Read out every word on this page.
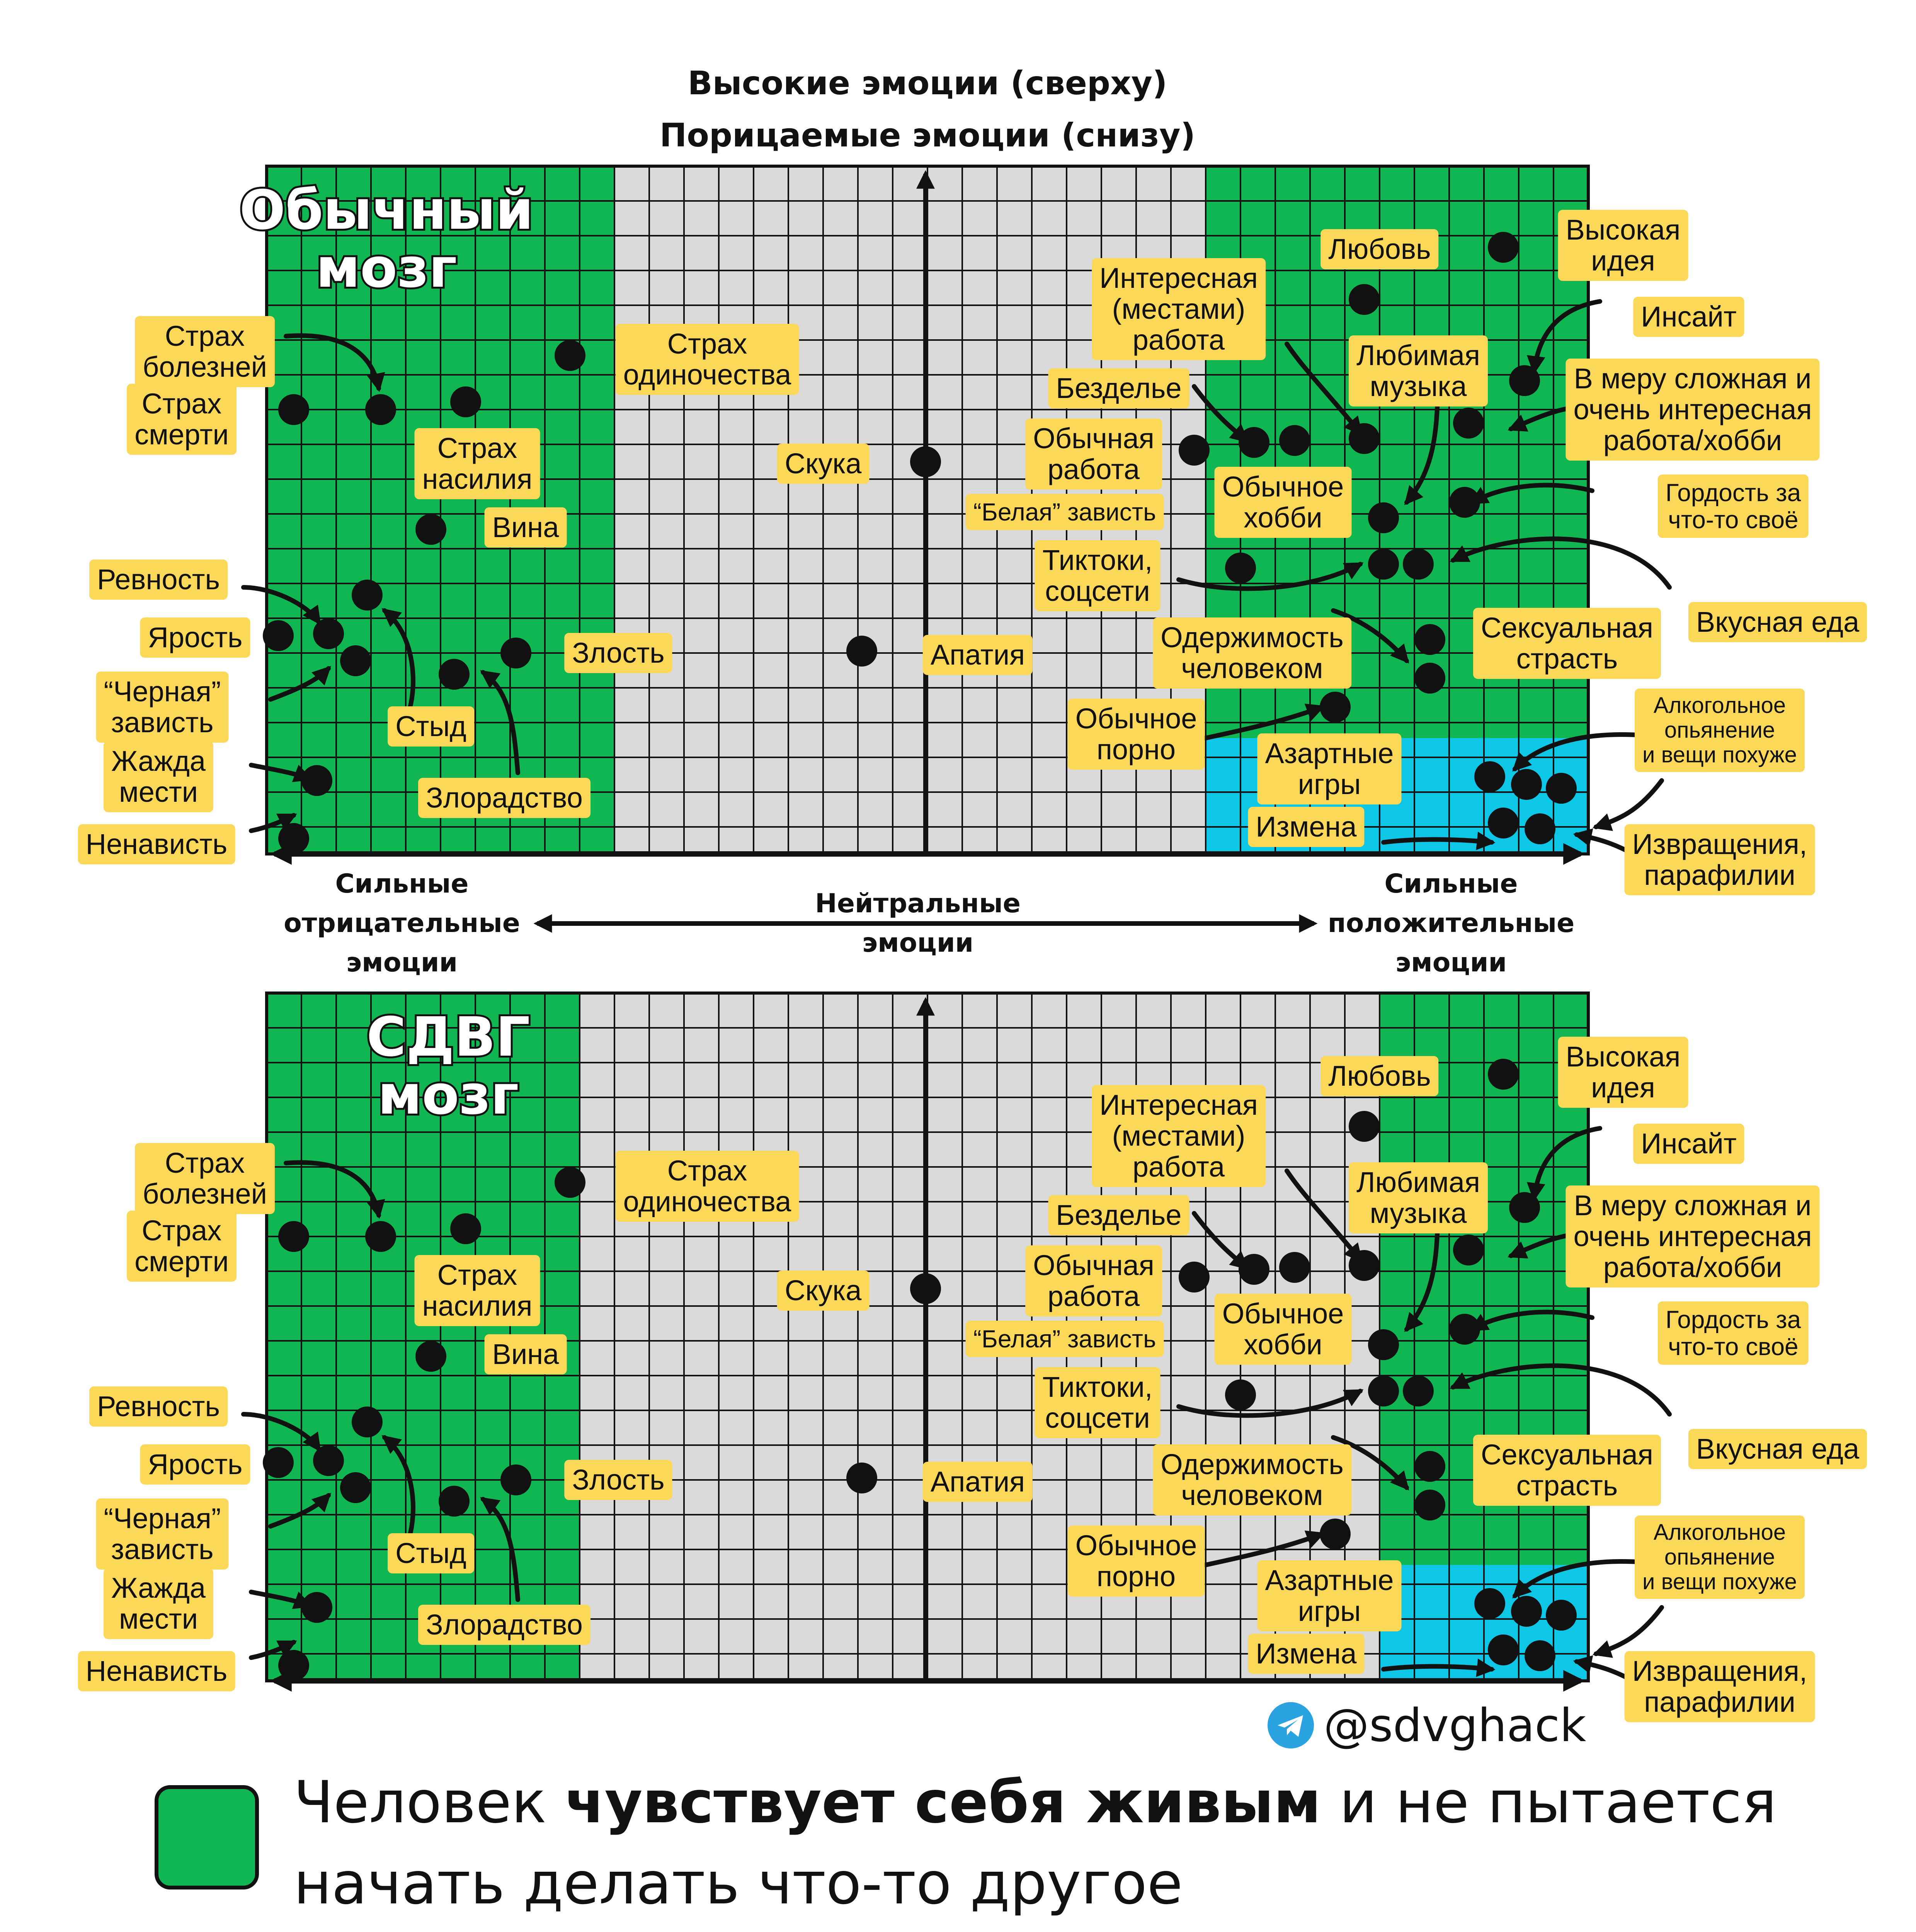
Высокие эмоции (сверху)
Порицаемые эмоции (снизу)
Обычный
мозг
СДВГ
мозг
Сильные
отрицательные
эмоции
Нейтральные
эмоции
Сильные
положительные
эмоции
Страх
болезней
Страх
смерти
Страх
одиночества
Страх
насилия
Вина
Ревность
Ярость
“Черная”
зависть
Жажда
мести
Ненависть
Злость
Стыд
Злорадство
Скука
Апатия
Любовь
Высокая
идея
Интересная
(местами)
работа
Инсайт
Любимая
музыка
Безделье	В меру сложная и
очень интересная
работа/хобби
Обычная
работа
Обычное
хобби
Гордость за
что-то своё
“Белая” зависть
Тиктоки,
соцсети
Вкусная еда
Одержимость
человеком
Сексуальная
страсть
Обычное
порно
Алкогольное
опьянение
и вещи похуже
Азартные
игры
Измена
Извращения,
парафилии
Страх
болезней
Страх
смерти
Страх
одиночества
Страх
насилия
Вина
Ревность
Ярость
“Черная”
зависть
Жажда
мести
Ненависть
Злость
Стыд
Злорадство
Скука
Апатия
Любовь
Высокая
идея
Интересная
(местами)
работа
Инсайт
Любимая
музыка
Безделье	В меру сложная и
очень интересная
работа/хобби
Обычная
работа
Обычное
хобби
Гордость за
что-то своё
“Белая” зависть
Тиктоки,
соцсети
Вкусная еда
Одержимость
человеком
Сексуальная
страсть
Обычное
порно
Алкогольное
опьянение
и вещи похуже
Азартные
игры
Измена
Извращения,
парафилии
@sdvghack
Человек чувствует себя живым и не пытается начать делать что-то другое
